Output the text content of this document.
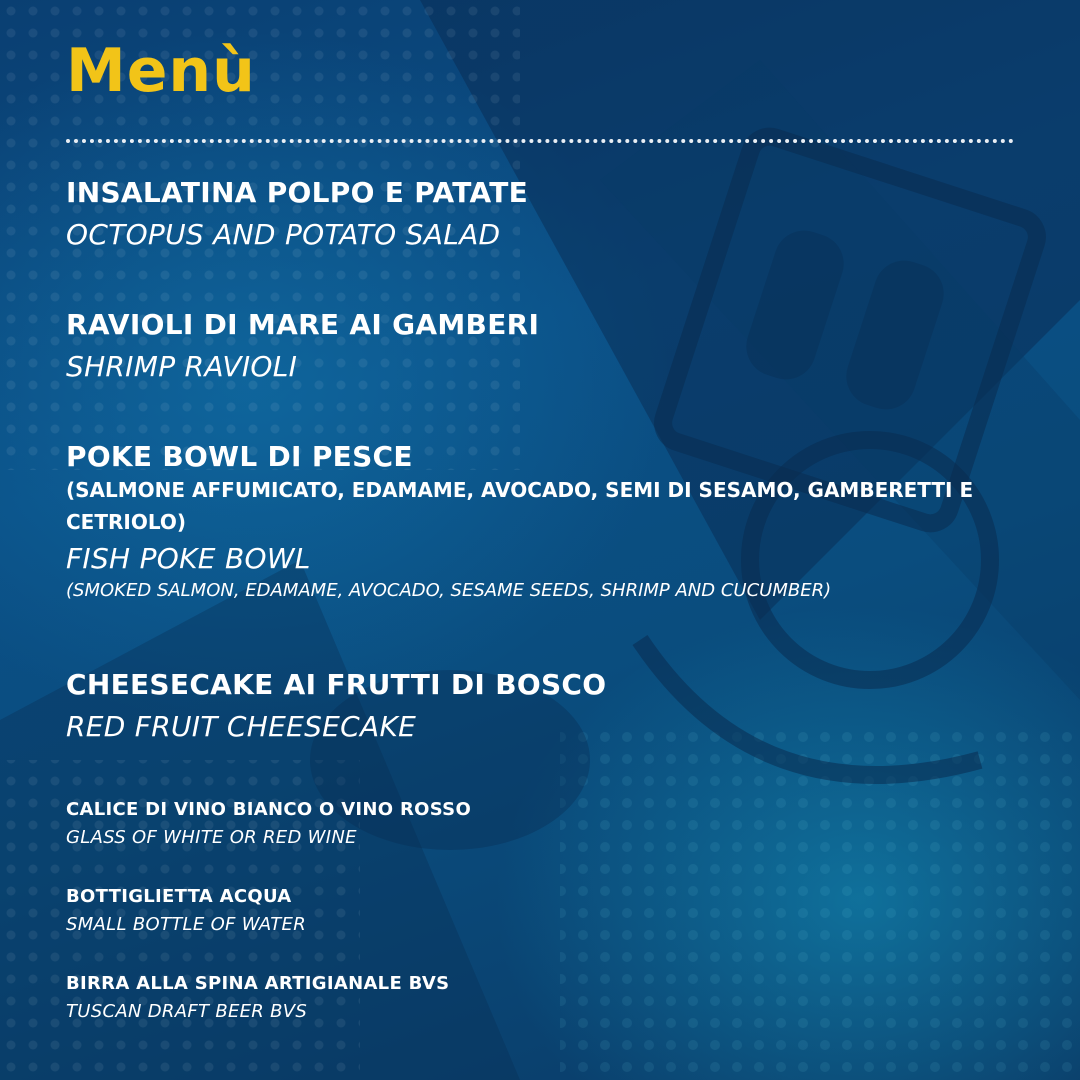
Menù
INSALATINA POLPO E PATATE
OCTOPUS AND POTATO SALAD
RAVIOLI DI MARE AI GAMBERI
SHRIMP RAVIOLI
POKE BOWL DI PESCE
(SALMONE AFFUMICATO, EDAMAME, AVOCADO, SEMI DI SESAMO, GAMBERETTI E CETRIOLO)
FISH POKE BOWL
(SMOKED SALMON, EDAMAME, AVOCADO, SESAME SEEDS, SHRIMP AND CUCUMBER)
CHEESECAKE AI FRUTTI DI BOSCO
RED FRUIT CHEESECAKE
CALICE DI VINO BIANCO O VINO ROSSO
GLASS OF WHITE OR RED WINE
BOTTIGLIETTA ACQUA
SMALL BOTTLE OF WATER
BIRRA ALLA SPINA ARTIGIANALE BVS
TUSCAN DRAFT BEER BVS
